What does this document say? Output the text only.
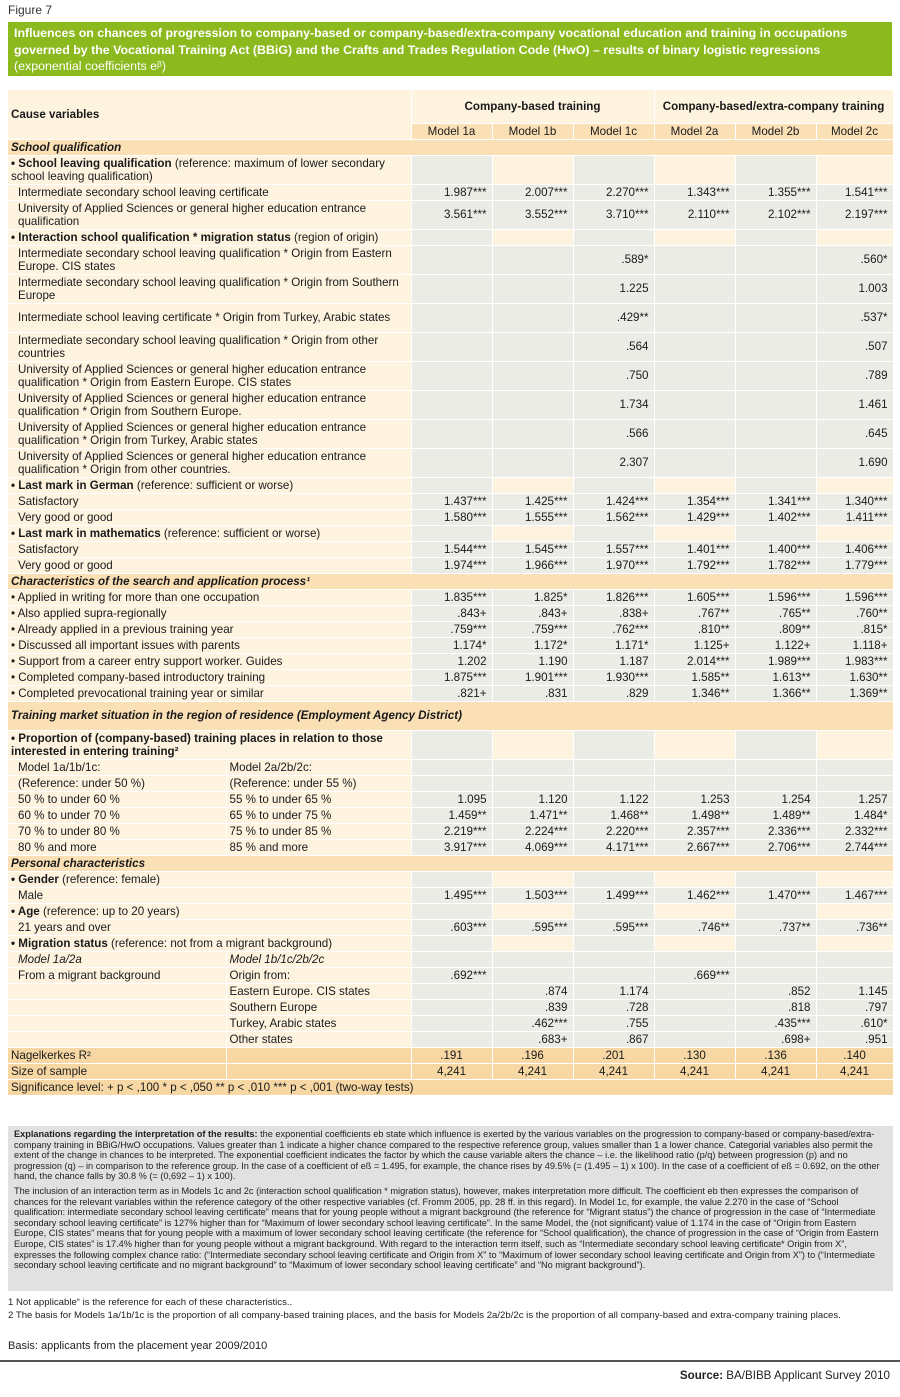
Figure 7
Influences on chances of progression to company-based or company-based/extra-company vocational education and training in occupations governed by the Vocational Training Act (BBiG) and the Crafts and Trades Regulation Code (HwO) – results of binary logistic regressions (exponential coefficients eᵝ)
Cause variables		Company-based training			Company-based/extra-company training		
		Model 1a	Model 1b	Model 1c	Model 2a	Model 2b	Model 2c
School qualification							
• School leaving qualification (reference: maximum of lower secondary school leaving qualification)							
Intermediate secondary school leaving certificate		1.987***	2.007***	2.270***	1.343***	1.355***	1.541***
University of Applied Sciences or general higher education entrance qualification		3.561***	3.552***	3.710***	2.110***	2.102***	2.197***
• Interaction school qualification * migration status (region of origin)							
Intermediate secondary school leaving qualification * Origin from Eastern Europe. CIS states				.589*			.560*
Intermediate secondary school leaving qualification * Origin from Southern Europe				1.225			1.003
Intermediate school leaving certificate * Origin from Turkey, Arabic states				.429**			.537*
Intermediate secondary school leaving qualification * Origin from other countries				.564			.507
University of Applied Sciences or general higher education entrance qualification * Origin from Eastern Europe. CIS states				.750			.789
University of Applied Sciences or general higher education entrance qualification * Origin from Southern Europe.				1.734			1.461
University of Applied Sciences or general higher education entrance qualification * Origin from Turkey, Arabic states				.566			.645
University of Applied Sciences or general higher education entrance qualification * Origin from other countries.				2.307			1.690
• Last mark in German (reference: sufficient or worse)							
Satisfactory		1.437***	1.425***	1.424***	1.354***	1.341***	1.340***
Very good or good		1.580***	1.555***	1.562***	1.429***	1.402***	1.411***
• Last mark in mathematics (reference: sufficient or worse)							
Satisfactory		1.544***	1.545***	1.557***	1.401***	1.400***	1.406***
Very good or good		1.974***	1.966***	1.970***	1.792***	1.782***	1.779***
Characteristics of the search and application process¹							
• Applied in writing for more than one occupation		1.835***	1.825*	1.826***	1.605***	1.596***	1.596***
• Also applied supra-regionally		.843+	.843+	.838+	.767**	.765**	.760**
• Already applied in a previous training year		.759***	.759***	.762***	.810**	.809**	.815*
• Discussed all important issues with parents		1.174*	1.172*	1.171*	1.125+	1.122+	1.118+
• Support from a career entry support worker. Guides		1.202	1.190	1.187	2.014***	1.989***	1.983***
• Completed company-based introductory training		1.875***	1.901***	1.930***	1.585**	1.613**	1.630**
• Completed prevocational training year or similar		.821+	.831	.829	1.346**	1.366**	1.369**
Training market situation in the region of residence (Employment Agency District)							
• Proportion of (company-based) training places in relation to those interested in entering training²							
Model 1a/1b/1c:	Model 2a/2b/2c:						
(Reference: under 50 %)	(Reference: under 55 %)						
50 % to under 60 %	55 % to under 65 %	1.095	1.120	1.122	1.253	1.254	1.257
60 % to under 70 %	65 % to under 75 %	1.459**	1.471**	1.468**	1.498**	1.489**	1.484*
70 % to under 80 %	75 % to under 85 %	2.219***	2.224***	2.220***	2.357***	2.336***	2.332***
80 % and more	85 % and more	3.917***	4.069***	4.171***	2.667***	2.706***	2.744***
Personal characteristics							
• Gender (reference: female)							
Male		1.495***	1.503***	1.499***	1.462***	1.470***	1.467***
• Age (reference: up to 20 years)							
21 years and over		.603***	.595***	.595***	.746**	.737**	.736**
• Migration status (reference: not from a migrant background)							
Model 1a/2a	Model 1b/1c/2b/2c						
From a migrant background	Origin from:	.692***			.669***		
	Eastern Europe. CIS states		.874	1.174		.852	1.145
	Southern Europe		.839	.728		.818	.797
	Turkey, Arabic states		.462***	.755		.435***	.610*
	Other states		.683+	.867		.698+	.951
Nagelkerkes R²		.191	.196	.201	.130	.136	.140
Size of sample		4,241	4,241	4,241	4,241	4,241	4,241
Significance level: + p < ,100 * p < ,050 ** p < ,010 *** p < ,001 (two-way tests)							

Explanations regarding the interpretation of the results: the exponential coefficients eb state which influence is exerted by the various variables on the progression to company-based or company-based/extra-company training in BBiG/HwO occupations. Values greater than 1 indicate a higher chance compared to the respective reference group, values smaller than 1 a lower chance. Categorial variables also permit the extent of the change in chances to be interpreted. The exponential coefficient indicates the factor by which the cause variable alters the chance – i.e. the likelihood ratio (p/q) between progression (p) and no progression (q) – in comparison to the reference group. In the case of a coefficient of eß = 1.495, for example, the chance rises by 49.5% (= (1.495 – 1) x 100). In the case of a coefficient of eß = 0.692, on the other hand, the chance falls by 30.8 % (= (0,692 – 1) x 100).

The inclusion of an interaction term as in Models 1c and 2c (interaction school qualification * migration status), however, makes interpretation more difficult. The coefficient eb then expresses the comparison of chances for the relevant variables within the reference category of the other respective variables (cf. Fromm 2005, pp. 28 ff. in this regard). In Model 1c, for example, the value 2.270 in the case of “School qualification: intermediate secondary school leaving certificate” means that for young people without a migrant background (the reference for “Migrant status”) the chance of progression in the case of “Intermediate secondary school leaving certificate” is 127% higher than for “Maximum of lower secondary school leaving certificate”. In the same Model, the (not significant) value of 1.174 in the case of “Origin from Eastern Europe, CIS states” means that for young people with a maximum of lower secondary school leaving certificate (the reference for “School qualification), the chance of progression in the case of “Origin from Eastern Europe, CIS states” is 17.4% higher than for young people without a migrant background. With regard to the interaction term itself, such as “Intermediate secondary school leaving certificate* Origin from X”, expresses the following complex chance ratio: (“Intermediate secondary school leaving certificate and Origin from X” to “Maximum of lower secondary school leaving certificate and Origin from X”) to (“Intermediate secondary school leaving certificate and no migrant background” to “Maximum of lower secondary school leaving certificate” and “No migrant background”).

1 Not applicable“ is the reference for each of these characteristics..
2 The basis for Models 1a/1b/1c is the proportion of all company-based training places, and the basis for Models 2a/2b/2c is the proportion of all company-based and extra-company training places.
Basis: applicants from the placement year 2009/2010
Source: BA/BIBB Applicant Survey 2010
